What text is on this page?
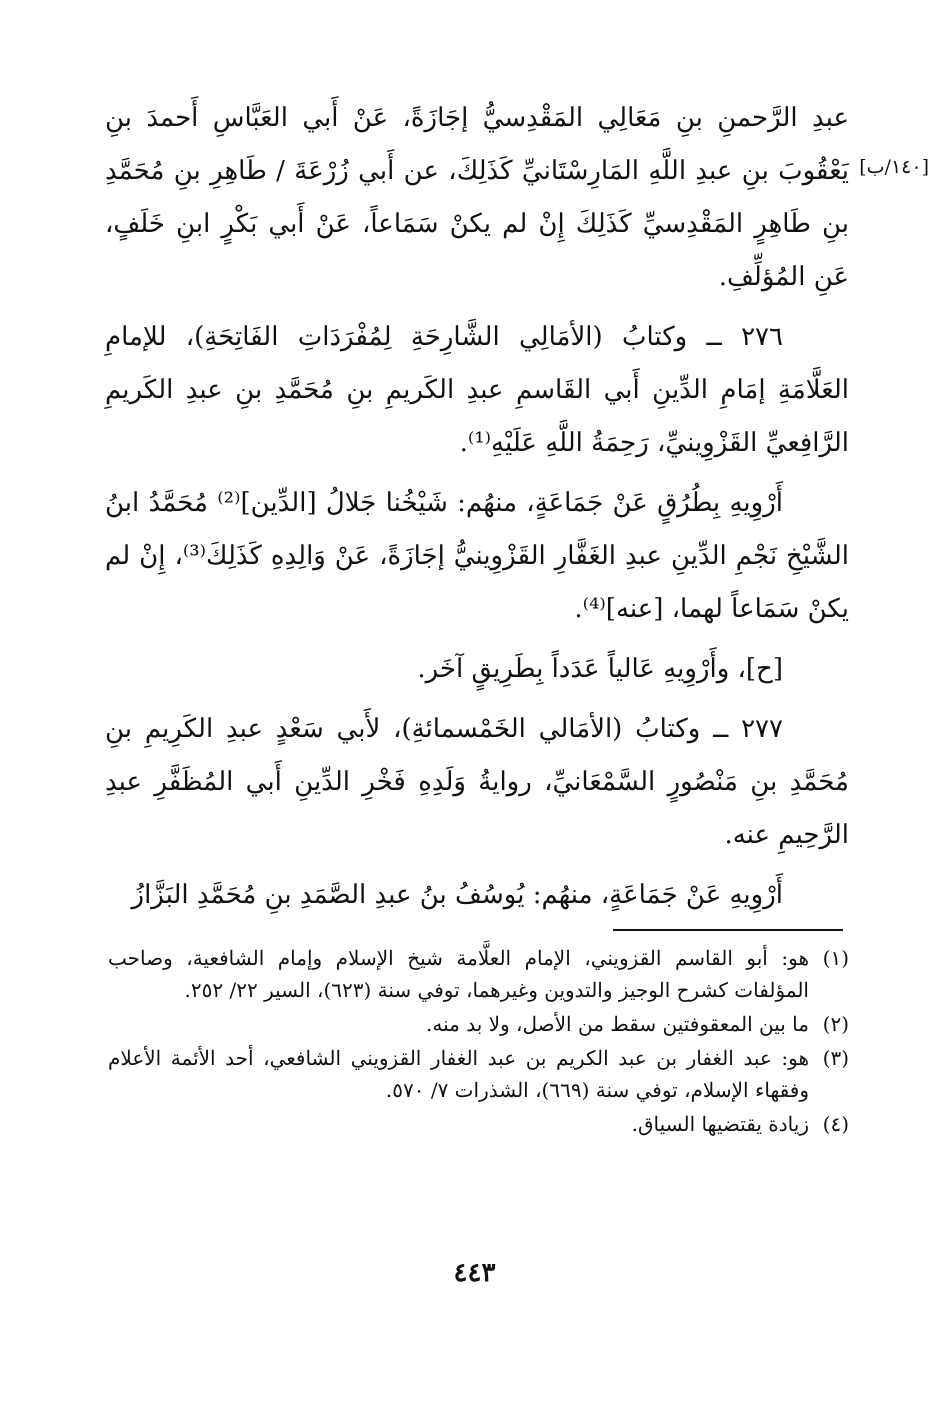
[١٤٠/ب]

عبدِ الرَّحمنِ بنِ مَعَالِي المَقْدِسيُّ إجَازَةً، عَنْ أَبي العَبَّاسِ أَحمدَ بنِ يَعْقُوبَ بنِ عبدِ اللَّهِ المَارِسْتَانيِّ كَذَلِكَ، عن أَبي زُرْعَةَ / طَاهِرِ بنِ مُحَمَّدِ بنِ طَاهِرٍ المَقْدِسيِّ كَذَلِكَ إِنْ لم يكنْ سَمَاعاً، عَنْ أَبي بَكْرٍ ابنِ خَلَفٍ، عَنِ المُؤلِّفِ.

٢٧٦ ــ وكتابُ (الأمَالِي الشَّارِحَةِ لِمُفْرَدَاتِ الفَاتِحَةِ)، للإمامِ العَلَّامَةِ إمَامِ الدِّينِ أَبي القَاسمِ عبدِ الكَريمِ بنِ مُحَمَّدِ بنِ عبدِ الكَريمِ الرَّافِعيِّ القَزْوِينيِّ، رَحِمَةُ اللَّهِ عَلَيْهِ⁽¹⁾.

أَرْوِيهِ بِطُرُقٍ عَنْ جَمَاعَةٍ، منهُم: شَيْخُنا جَلالُ [الدِّين]⁽²⁾ مُحَمَّدُ ابنُ الشَّيْخِ نَجْمِ الدِّينِ عبدِ الغَفَّارِ القَزْوِينيُّ إجَازَةً، عَنْ وَالِدِهِ كَذَلِكَ⁽³⁾، إِنْ لم يكنْ سَمَاعاً لهما، [عنه]⁽⁴⁾.

[ح]، وأَرْوِيهِ عَالياً عَدَداً بِطَرِيقٍ آخَر.

٢٧٧ ــ وكتابُ (الأمَالي الخَمْسمائةِ)، لأَبي سَعْدٍ عبدِ الكَرِيمِ بنِ مُحَمَّدِ بنِ مَنْصُورٍ السَّمْعَانيِّ، روايةُ وَلَدِهِ فَخْرِ الدِّينِ أَبي المُظَفَّرِ عبدِ الرَّحِيمِ عنه.

أَرْوِيهِ عَنْ جَمَاعَةٍ، منهُم: يُوسُفُ بنُ عبدِ الصَّمَدِ بنِ مُحَمَّدِ البَزَّازُ

(١)
هو: أبو القاسم القزويني، الإمام العلَّامة شيخ الإسلام وإمام الشافعية، وصاحب المؤلفات كشرح الوجيز والتدوين وغيرهما، توفي سنة (٦٢٣)، السير ٢٢/ ٢٥٢.
(٢)
ما بين المعقوفتين سقط من الأصل، ولا بد منه.
(٣)
هو: عبد الغفار بن عبد الكريم بن عبد الغفار القزويني الشافعي، أحد الأئمة الأعلام وفقهاء الإسلام، توفي سنة (٦٦٩)، الشذرات ٧/ ٥٧٠.
(٤)
زيادة يقتضيها السياق.
٤٤٣
